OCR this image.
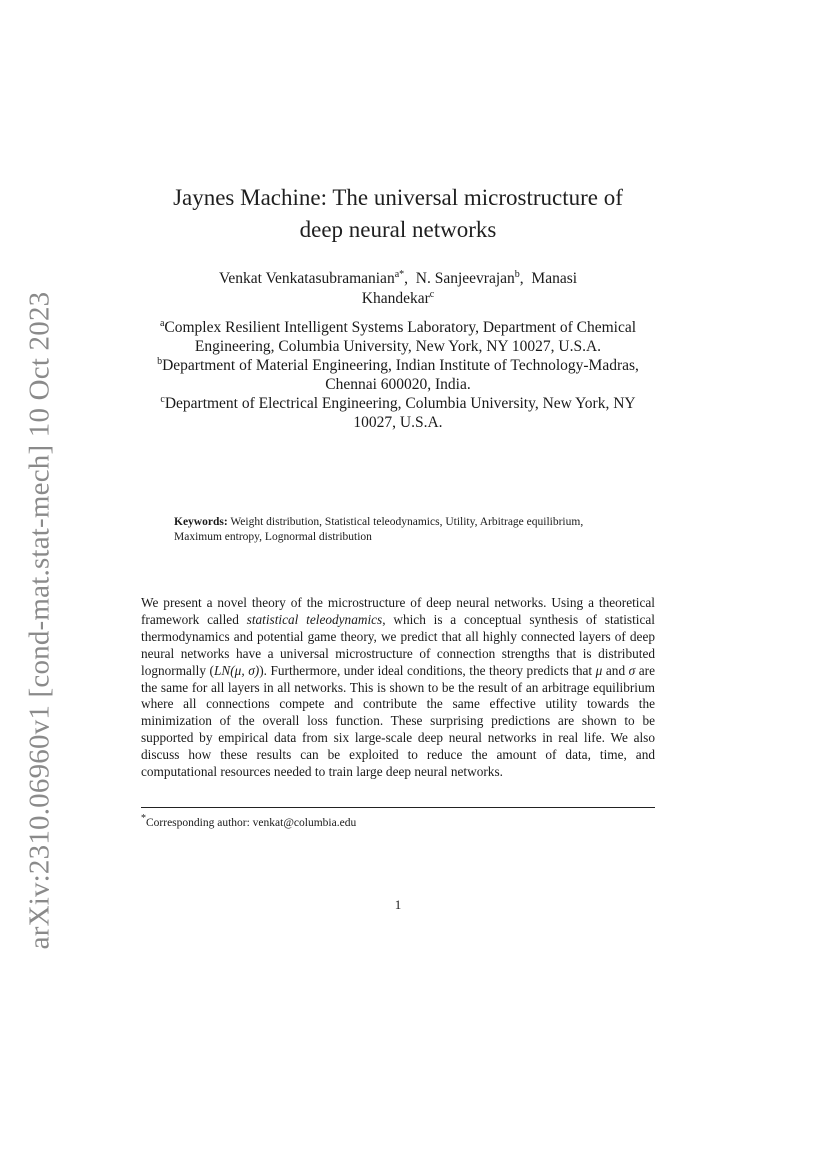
arXiv:2310.06960v1 [cond-mat.stat-mech] 10 Oct 2023
Jaynes Machine: The universal microstructure of
deep neural networks
Venkat Venkatasubramanian$^{a*}$,  N. Sanjeevrajan$^b$,  Manasi
Khandekar$^c$

$^a$Complex Resilient Intelligent Systems Laboratory, Department of Chemical Engineering, Columbia University, New York, NY 10027, U.S.A.

$^b$Department of Material Engineering, Indian Institute of Technology-Madras, Chennai 600020, India.

$^c$Department of Electrical Engineering, Columbia University, New York, NY 10027, U.S.A.

Keywords: Weight distribution, Statistical teleodynamics, Utility, Arbitrage equilibrium, Maximum entropy, Lognormal distribution
We present a novel theory of the microstructure of deep neural networks. Using a theoretical framework called statistical teleodynamics, which is a conceptual synthesis of statistical thermodynamics and potential game theory, we predict that all highly connected layers of deep neural networks have a universal microstructure of connection strengths that is distributed lognormally (LN(μ, σ)). Furthermore, under ideal conditions, the theory predicts that μ and σ are the same for all layers in all networks. This is shown to be the result of an arbitrage equilibrium where all connections compete and contribute the same effective utility towards the minimization of the overall loss function. These surprising predictions are shown to be supported by empirical data from six large-scale deep neural networks in real life. We also discuss how these results can be exploited to reduce the amount of data, time, and computational resources needed to train large deep neural networks.
*Corresponding author: venkat@columbia.edu
1
